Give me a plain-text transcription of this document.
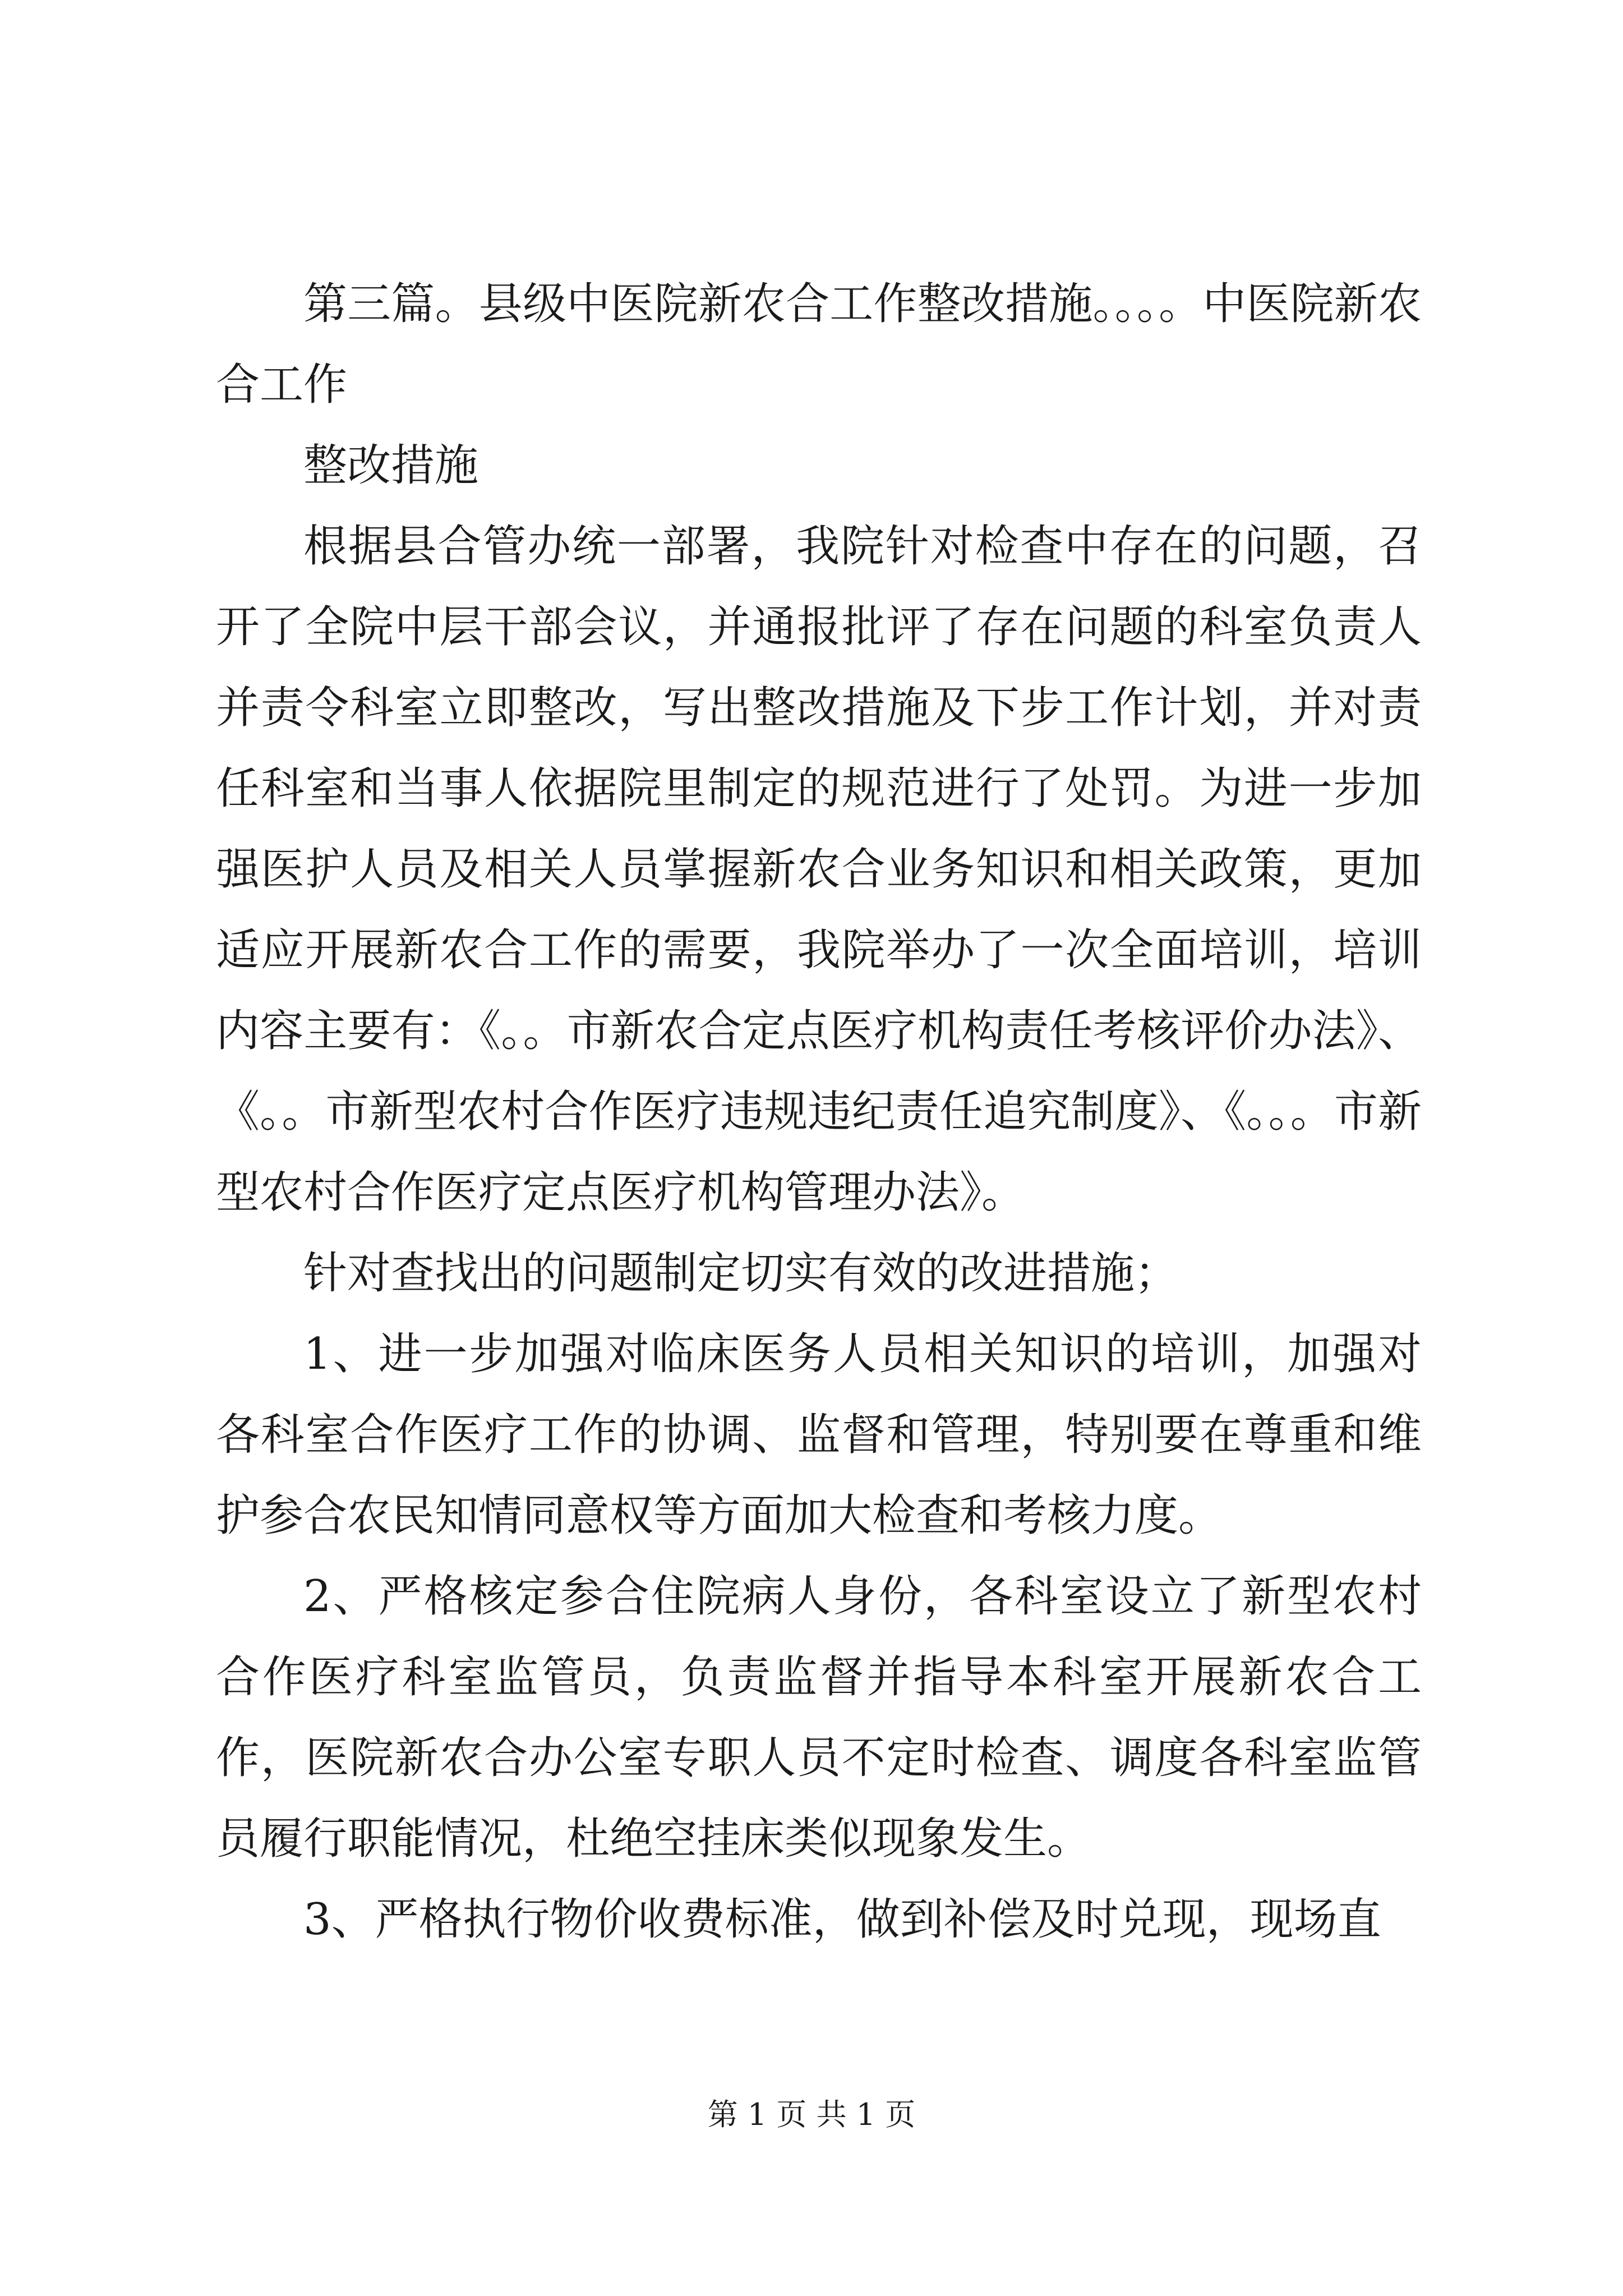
第三篇。县级中医院新农合工作整改措施。。。。中医院新农合工作

整改措施

根据县合管办统一部署，我院针对检查中存在的问题，召开了全院中层干部会议，并通报批评了存在问题的科室负责人并责令科室立即整改，写出整改措施及下步工作计划，并对责任科室和当事人依据院里制定的规范进行了处罚。为进一步加强医护人员及相关人员掌握新农合业务知识和相关政策，更加适应开展新农合工作的需要，我院举办了一次全面培训，培训内容主要有：《。。市新农合定点医疗机构责任考核评价办法》、《。。市新型农村合作医疗违规违纪责任追究制度》、《。。。市新型农村合作医疗定点医疗机构管理办法》。

针对查找出的问题制定切实有效的改进措施；

1、进一步加强对临床医务人员相关知识的培训，加强对各科室合作医疗工作的协调、监督和管理，特别要在尊重和维护参合农民知情同意权等方面加大检查和考核力度。

2、严格核定参合住院病人身份，各科室设立了新型农村合作医疗科室监管员，负责监督并指导本科室开展新农合工作，医院新农合办公室专职人员不定时检查、调度各科室监管员履行职能情况，杜绝空挂床类似现象发生。

3、严格执行物价收费标准，做到补偿及时兑现，现场直

第 1 页 共 1 页
